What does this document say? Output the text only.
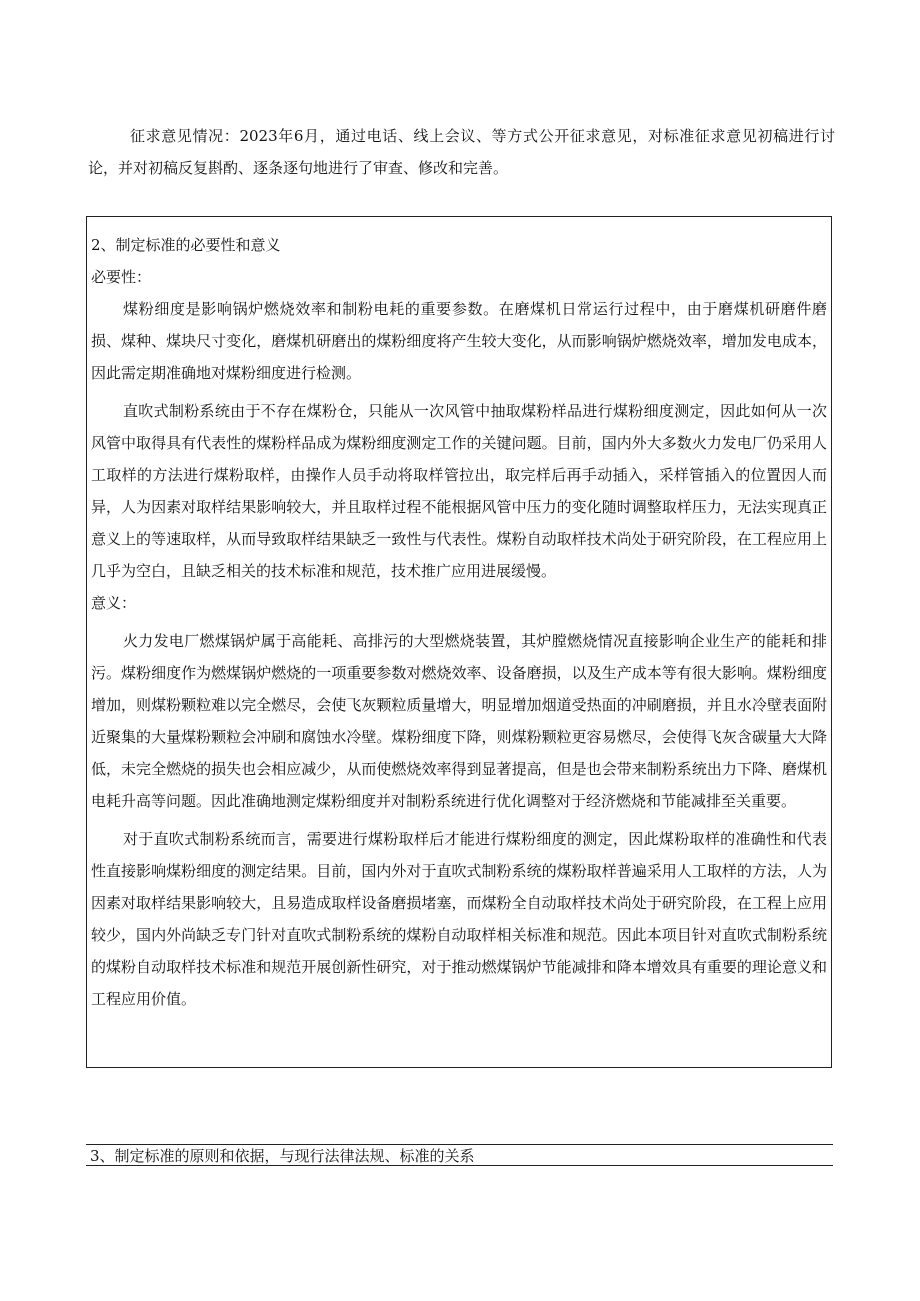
征求意见情况：2023年6月，通过电话、线上会议、等方式公开征求意见，对标准征求意见初稿进行讨论，并对初稿反复斟酌、逐条逐句地进行了审查、修改和完善。

2、制定标准的必要性和意义

必要性：

煤粉细度是影响锅炉燃烧效率和制粉电耗的重要参数。在磨煤机日常运行过程中，由于磨煤机研磨件磨损、煤种、煤块尺寸变化，磨煤机研磨出的煤粉细度将产生较大变化，从而影响锅炉燃烧效率，增加发电成本，因此需定期准确地对煤粉细度进行检测。

直吹式制粉系统由于不存在煤粉仓，只能从一次风管中抽取煤粉样品进行煤粉细度测定，因此如何从一次风管中取得具有代表性的煤粉样品成为煤粉细度测定工作的关键问题。目前，国内外大多数火力发电厂仍采用人工取样的方法进行煤粉取样，由操作人员手动将取样管拉出，取完样后再手动插入，采样管插入的位置因人而异，人为因素对取样结果影响较大，并且取样过程不能根据风管中压力的变化随时调整取样压力，无法实现真正意义上的等速取样，从而导致取样结果缺乏一致性与代表性。煤粉自动取样技术尚处于研究阶段，在工程应用上几乎为空白，且缺乏相关的技术标准和规范，技术推广应用进展缓慢。

意义：

火力发电厂燃煤锅炉属于高能耗、高排污的大型燃烧装置，其炉膛燃烧情况直接影响企业生产的能耗和排污。煤粉细度作为燃煤锅炉燃烧的一项重要参数对燃烧效率、设备磨损，以及生产成本等有很大影响。煤粉细度增加，则煤粉颗粒难以完全燃尽，会使飞灰颗粒质量增大，明显增加烟道受热面的冲刷磨损，并且水冷壁表面附近聚集的大量煤粉颗粒会冲刷和腐蚀水冷壁。煤粉细度下降，则煤粉颗粒更容易燃尽，会使得飞灰含碳量大大降低，未完全燃烧的损失也会相应减少，从而使燃烧效率得到显著提高，但是也会带来制粉系统出力下降、磨煤机电耗升高等问题。因此准确地测定煤粉细度并对制粉系统进行优化调整对于经济燃烧和节能减排至关重要。

对于直吹式制粉系统而言，需要进行煤粉取样后才能进行煤粉细度的测定，因此煤粉取样的准确性和代表性直接影响煤粉细度的测定结果。目前，国内外对于直吹式制粉系统的煤粉取样普遍采用人工取样的方法，人为因素对取样结果影响较大，且易造成取样设备磨损堵塞，而煤粉全自动取样技术尚处于研究阶段，在工程上应用较少，国内外尚缺乏专门针对直吹式制粉系统的煤粉自动取样相关标准和规范。因此本项目针对直吹式制粉系统的煤粉自动取样技术标准和规范开展创新性研究，对于推动燃煤锅炉节能减排和降本增效具有重要的理论意义和工程应用价值。

3、制定标准的原则和依据，与现行法律法规、标准的关系
